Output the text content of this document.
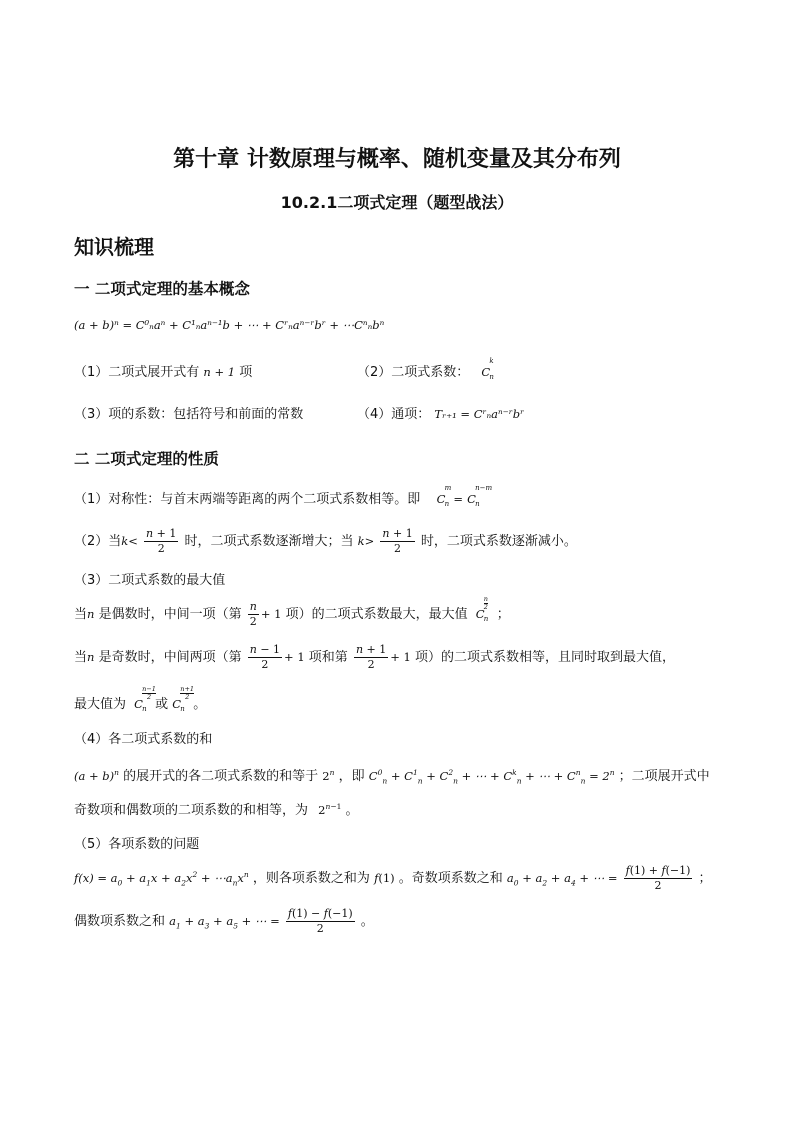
第十章 计数原理与概率、随机变量及其分布列
10.2.1二项式定理（题型战法）
知识梳理
一 二项式定理的基本概念
(a + b)ⁿ = C⁰ₙaⁿ + C¹ₙaⁿ⁻¹b + ⋯ + Cʳₙaⁿ⁻ʳbʳ + ⋯Cⁿₙbⁿ
（1）二项式展开式有 n + 1 项	（2）二项式系数： C
k
n
（3）项的系数：包括符号和前面的常数	（4）通项： Tᵣ₊₁ = Cʳₙaⁿ⁻ʳbʳ
二 二项式定理的性质
（1）对称性：与首末两端等距离的两个二项式系数相等。即 C
m
n = C
n−m
n
（2）当$k< \frac{n + 1}{2}$ 时，二项式系数逐渐增大；当 $k> \frac{n + 1}{2}$ 时，二项式系数逐渐减小。
（3）二项式系数的最大值
当n 是偶数时，中间一项（第 $\frac{n}{2} + 1$ 项）的二项式系数最大，最大值 C
n
2
n ；
当n 是奇数时，中间两项（第 $\frac{n - 1}{2} + 1$ 项和第 $\frac{n + 1}{2} + 1$ 项）的二项式系数相等，且同时取到最大值，
最大值为 C
n−1
2
n 或 C
n+1
2
n 。
（4）各二项式系数的和
$(a + b)^n$ 的展开式的各二项式系数的和等于 2$^n$ ，即 $C^0_n + C^1_n + C^2_n$ + ⋯ + $C^k_n$ + ⋯ + $C^n_n = 2^n$ ；二项展开式中
奇数项和偶数项的二项系数的和相等，为 $2^{n-1}$ 。
（5）各项系数的问题
$f(x) = a_0 + a_1x + a_2x^2$ + $\cdots a_nx^n$ ，则各项系数之和为 f(1) 。奇数项系数之和 $a_0 + a_2 + a_4$ + ⋯ = $\frac{f(1) + f(-1)}{2}$ ；
偶数项系数之和 $a_1 + a_3 + a_5$ + ⋯ = $\frac{f(1) - f(-1)}{2}$ 。
